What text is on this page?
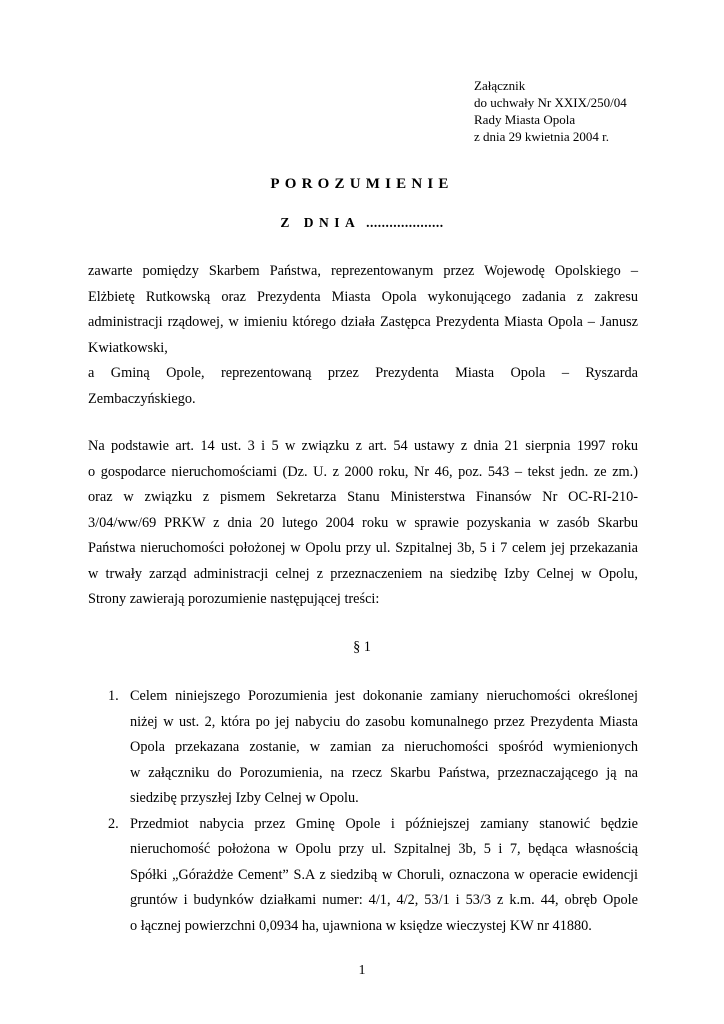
Załącznik
do uchwały Nr XXIX/250/04
Rady Miasta Opola
z dnia 29 kwietnia 2004 r.
POROZUMIENIE
Z DNIA ....................
zawarte pomiędzy Skarbem Państwa, reprezentowanym przez Wojewodę Opolskiego –
Elżbietę Rutkowską oraz Prezydenta Miasta Opola wykonującego zadania z zakresu
administracji rządowej, w imieniu którego działa Zastępca Prezydenta Miasta Opola – Janusz
Kwiatkowski,
a Gminą Opole, reprezentowaną przez Prezydenta Miasta Opola – Ryszarda
Zembaczyńskiego.
Na podstawie art. 14 ust. 3 i 5 w związku z art. 54 ustawy z dnia 21 sierpnia 1997 roku
o gospodarce nieruchomościami (Dz. U. z 2000 roku, Nr 46, poz. 543 – tekst jedn. ze zm.)
oraz w związku z pismem Sekretarza Stanu Ministerstwa Finansów Nr OC-RI-210-
3/04/ww/69 PRKW z dnia 20 lutego 2004 roku w sprawie pozyskania w zasób Skarbu
Państwa nieruchomości położonej w Opolu przy ul. Szpitalnej 3b, 5 i 7 celem jej przekazania
w trwały zarząd administracji celnej z przeznaczeniem na siedzibę Izby Celnej w Opolu,
Strony zawierają porozumienie następującej treści:
§ 1
1. Celem niniejszego Porozumienia jest dokonanie zamiany nieruchomości określonej
niżej w ust. 2, która po jej nabyciu do zasobu komunalnego przez Prezydenta Miasta
Opola przekazana zostanie, w zamian za nieruchomości spośród wymienionych
w załączniku do Porozumienia, na rzecz Skarbu Państwa, przeznaczającego ją na
siedzibę przyszłej Izby Celnej w Opolu.
2. Przedmiot nabycia przez Gminę Opole i późniejszej zamiany stanowić będzie
nieruchomość położona w Opolu przy ul. Szpitalnej 3b, 5 i 7, będąca własnością
Spółki „Górażdże Cement” S.A z siedzibą w Choruli, oznaczona w operacie ewidencji
gruntów i budynków działkami numer: 4/1, 4/2, 53/1 i 53/3 z k.m. 44, obręb Opole
o łącznej powierzchni 0,0934 ha, ujawniona w księdze wieczystej KW nr 41880.
1
